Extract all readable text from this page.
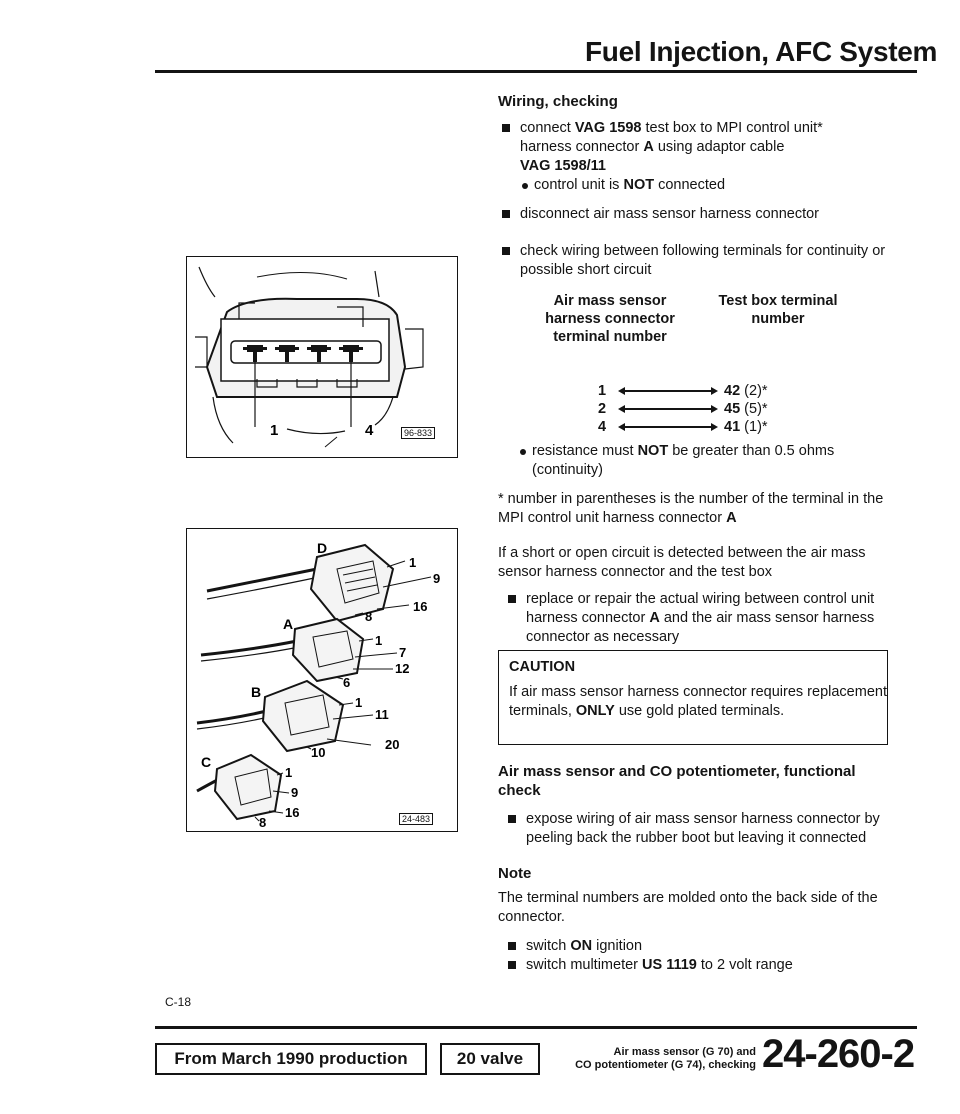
Fuel Injection, AFC System
1	4	96-833
D
1
9
16
8
A
1
7
12
6
B
1
11
20
10
C
1
9
16
8	24-483
C-18
Wiring, checking
connect VAG 1598 test box to MPI control unit*
harness connector A using adaptor cable
VAG 1598/11
control unit is NOT connected
disconnect air mass sensor harness connector
check wiring between following terminals for continuity or possible short circuit
Air mass sensor harness connector terminal number
Test box terminal number
1	42 (2)*
2	45 (5)*
4	41 (1)*
resistance must NOT be greater than 0.5 ohms (continuity)
* number in parentheses is the number of the terminal in the MPI control unit harness connector A
If a short or open circuit is detected between the air mass sensor harness connector and the test box
replace or repair the actual wiring between control unit harness connector A and the air mass sensor harness connector as necessary
CAUTION
If air mass sensor harness connector requires replacement terminals, ONLY use gold plated terminals.
Air mass sensor and CO potentiometer, functional check
expose wiring of air mass sensor harness connector by peeling back the rubber boot but leaving it connected
Note
The terminal numbers are molded onto the back side of the connector.
switch ON ignition
switch multimeter US 1119 to 2 volt range
From March 1990 production	20 valve	Air mass sensor (G 70) and
CO potentiometer (G 74), checking 24-260-2
